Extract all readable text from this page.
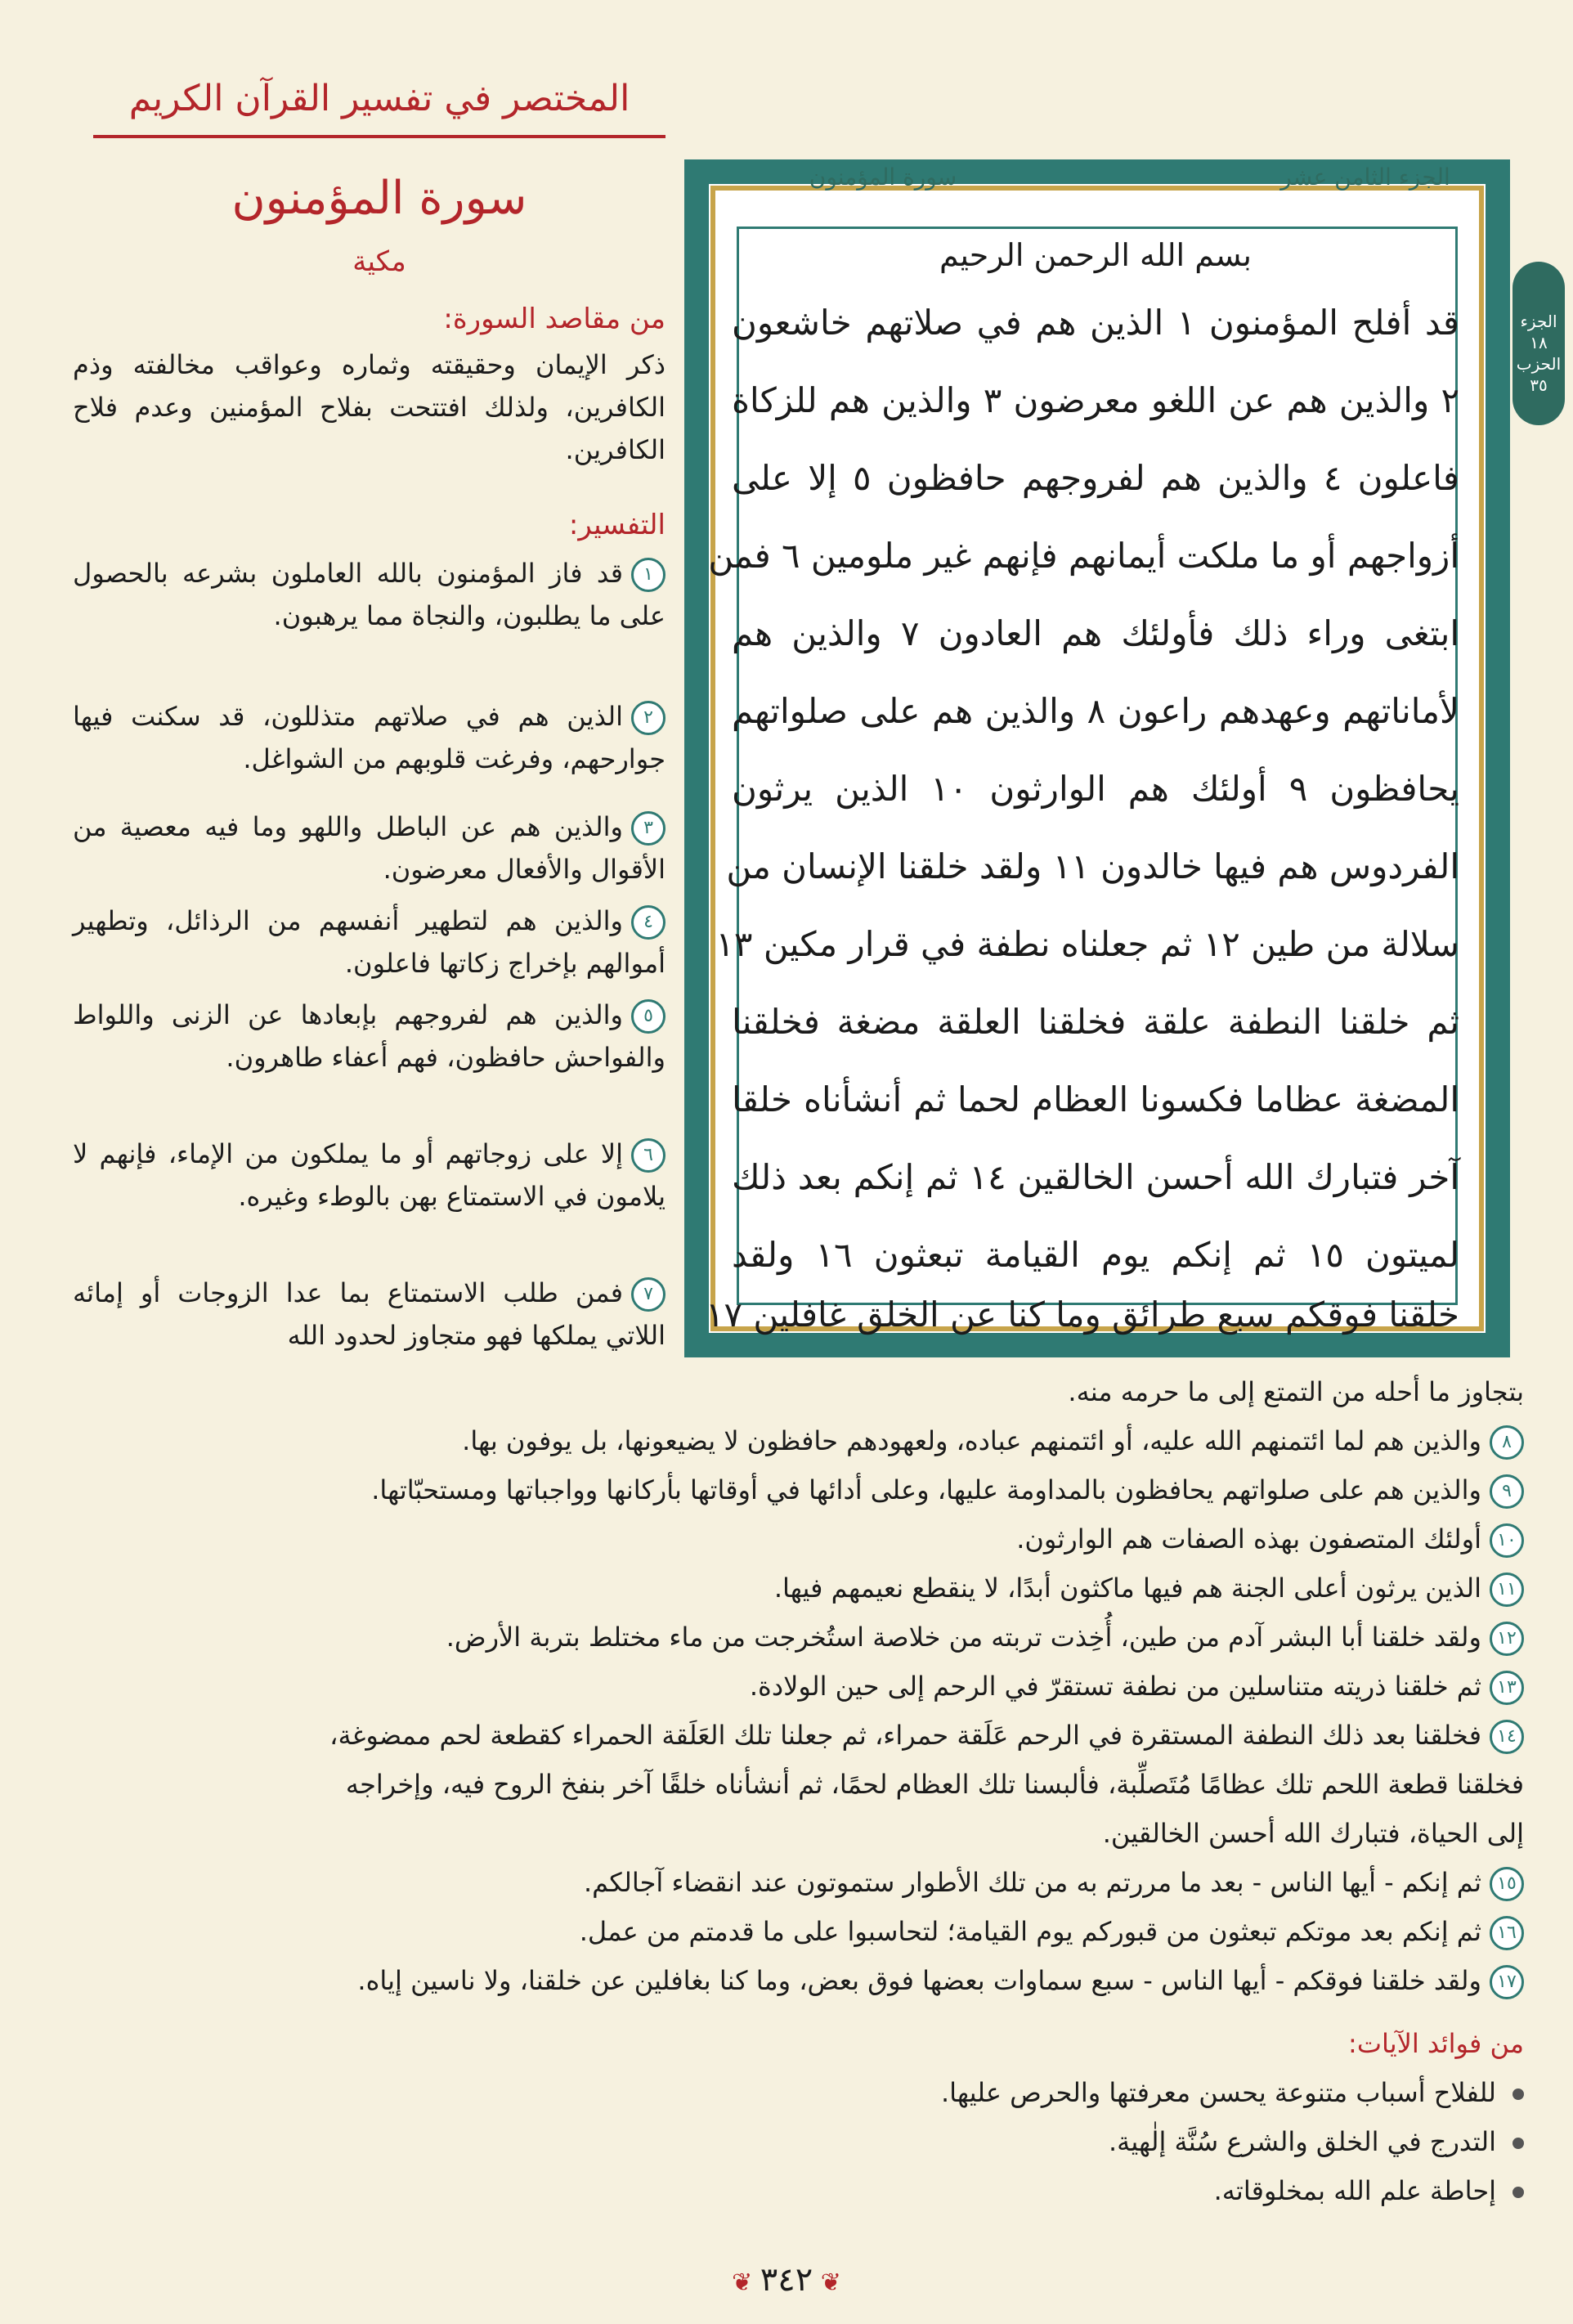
المختصر في تفسير القرآن الكريم
الجزء الثامن عشر
سورة المؤمنون
بسم الله الرحمن الرحيم
قد أفلح المؤمنون ١ الذين هم في صلاتهم خاشعون
٢ والذين هم عن اللغو معرضون ٣ والذين هم للزكاة
فاعلون ٤ والذين هم لفروجهم حافظون ٥ إلا على
أزواجهم أو ما ملكت أيمانهم فإنهم غير ملومين ٦ فمن
ابتغى وراء ذلك فأولئك هم العادون ٧ والذين هم
لأماناتهم وعهدهم راعون ٨ والذين هم على صلواتهم
يحافظون ٩ أولئك هم الوارثون ١٠ الذين يرثون
الفردوس هم فيها خالدون ١١ ولقد خلقنا الإنسان من
سلالة من طين ١٢ ثم جعلناه نطفة في قرار مكين ١٣
ثم خلقنا النطفة علقة فخلقنا العلقة مضغة فخلقنا
المضغة عظاما فكسونا العظام لحما ثم أنشأناه خلقا
آخر فتبارك الله أحسن الخالقين ١٤ ثم إنكم بعد ذلك
لميتون ١٥ ثم إنكم يوم القيامة تبعثون ١٦ ولقد
خلقنا فوقكم سبع طرائق وما كنا عن الخلق غافلين ١٧
الجزء ١٨ الحزب ٣٥
سورة المؤمنون
مكية
من مقاصد السورة:
ذكر الإيمان وحقيقته وثماره وعواقب مخالفته وذم الكافرين، ولذلك افتتحت بفلاح المؤمنين وعدم فلاح الكافرين.
التفسير:
١قد فاز المؤمنون بالله العاملون بشرعه بالحصول على ما يطلبون، والنجاة مما يرهبون.
٢الذين هم في صلاتهم متذللون، قد سكنت فيها جوارحهم، وفرغت قلوبهم من الشواغل.
٣والذين هم عن الباطل واللهو وما فيه معصية من الأقوال والأفعال معرضون.
٤والذين هم لتطهير أنفسهم من الرذائل، وتطهير أموالهم بإخراج زكاتها فاعلون.
٥والذين هم لفروجهم بإبعادها عن الزنى واللواط والفواحش حافظون، فهم أعفاء طاهرون.
٦إلا على زوجاتهم أو ما يملكون من الإماء، فإنهم لا يلامون في الاستمتاع بهن بالوطء وغيره.
٧فمن طلب الاستمتاع بما عدا الزوجات أو إمائه اللاتي يملكها فهو متجاوز لحدود الله
بتجاوز ما أحله من التمتع إلى ما حرمه منه.
٨والذين هم لما ائتمنهم الله عليه، أو ائتمنهم عباده، ولعهودهم حافظون لا يضيعونها، بل يوفون بها.
٩والذين هم على صلواتهم يحافظون بالمداومة عليها، وعلى أدائها في أوقاتها بأركانها وواجباتها ومستحبّاتها.
١٠أولئك المتصفون بهذه الصفات هم الوارثون.
١١الذين يرثون أعلى الجنة هم فيها ماكثون أبدًا، لا ينقطع نعيمهم فيها.
١٢ولقد خلقنا أبا البشر آدم من طين، أُخِذت تربته من خلاصة استُخرجت من ماء مختلط بتربة الأرض.
١٣ثم خلقنا ذريته متناسلين من نطفة تستقرّ في الرحم إلى حين الولادة.
١٤فخلقنا بعد ذلك النطفة المستقرة في الرحم عَلَقة حمراء، ثم جعلنا تلك العَلَقة الحمراء كقطعة لحم ممضوغة،
فخلقنا قطعة اللحم تلك عظامًا مُتَصلِّبة، فألبسنا تلك العظام لحمًا، ثم أنشأناه خلقًا آخر بنفخ الروح فيه، وإخراجه
إلى الحياة، فتبارك الله أحسن الخالقين.
١٥ثم إنكم - أيها الناس - بعد ما مررتم به من تلك الأطوار ستموتون عند انقضاء آجالكم.
١٦ثم إنكم بعد موتكم تبعثون من قبوركم يوم القيامة؛ لتحاسبوا على ما قدمتم من عمل.
١٧ولقد خلقنا فوقكم - أيها الناس - سبع سماوات بعضها فوق بعض، وما كنا بغافلين عن خلقنا، ولا ناسين إياه.
من فوائد الآيات:
للفلاح أسباب متنوعة يحسن معرفتها والحرص عليها.
التدرج في الخلق والشرع سُنَّة إلٰهية.
إحاطة علم الله بمخلوقاته.
❦ ٣٤٢ ❦
